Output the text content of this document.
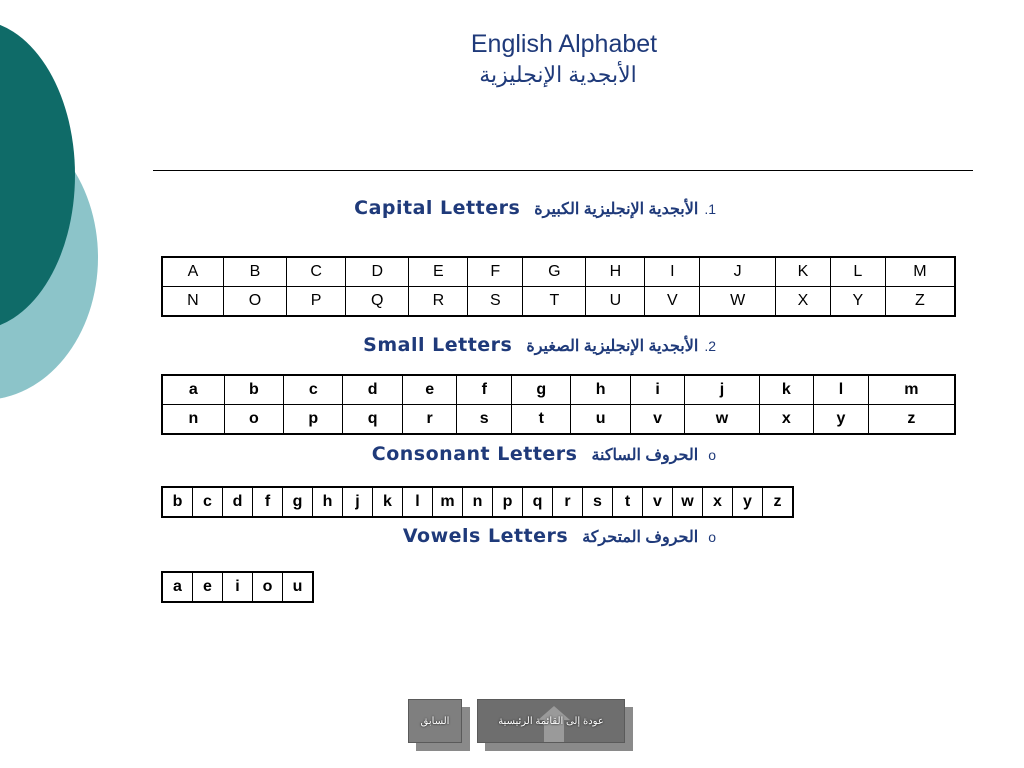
English Alphabet
الأبجدية الإنجليزية
Capital Letters الأبجدية الإنجليزية الكبيرة .1
A	B	C	D	E	F	G	H	I	J	K	L	M
N	O	P	Q	R	S	T	U	V	W	X	Y	Z
Small Letters الأبجدية الإنجليزية الصغيرة .2
a	b	c	d	e	f	g	h	i	j	k	l	m
n	o	p	q	r	s	t	u	v	w	x	y	z
Consonant Letters الحروف الساكنة o
b	c	d	f	g	h	j	k	l	m	n	p	q	r	s	t	v	w	x	y	z
Vowels Letters الحروف المتحركة o
a	e	i	o	u
السابق	عودة إلى القائمة الرئيسية
